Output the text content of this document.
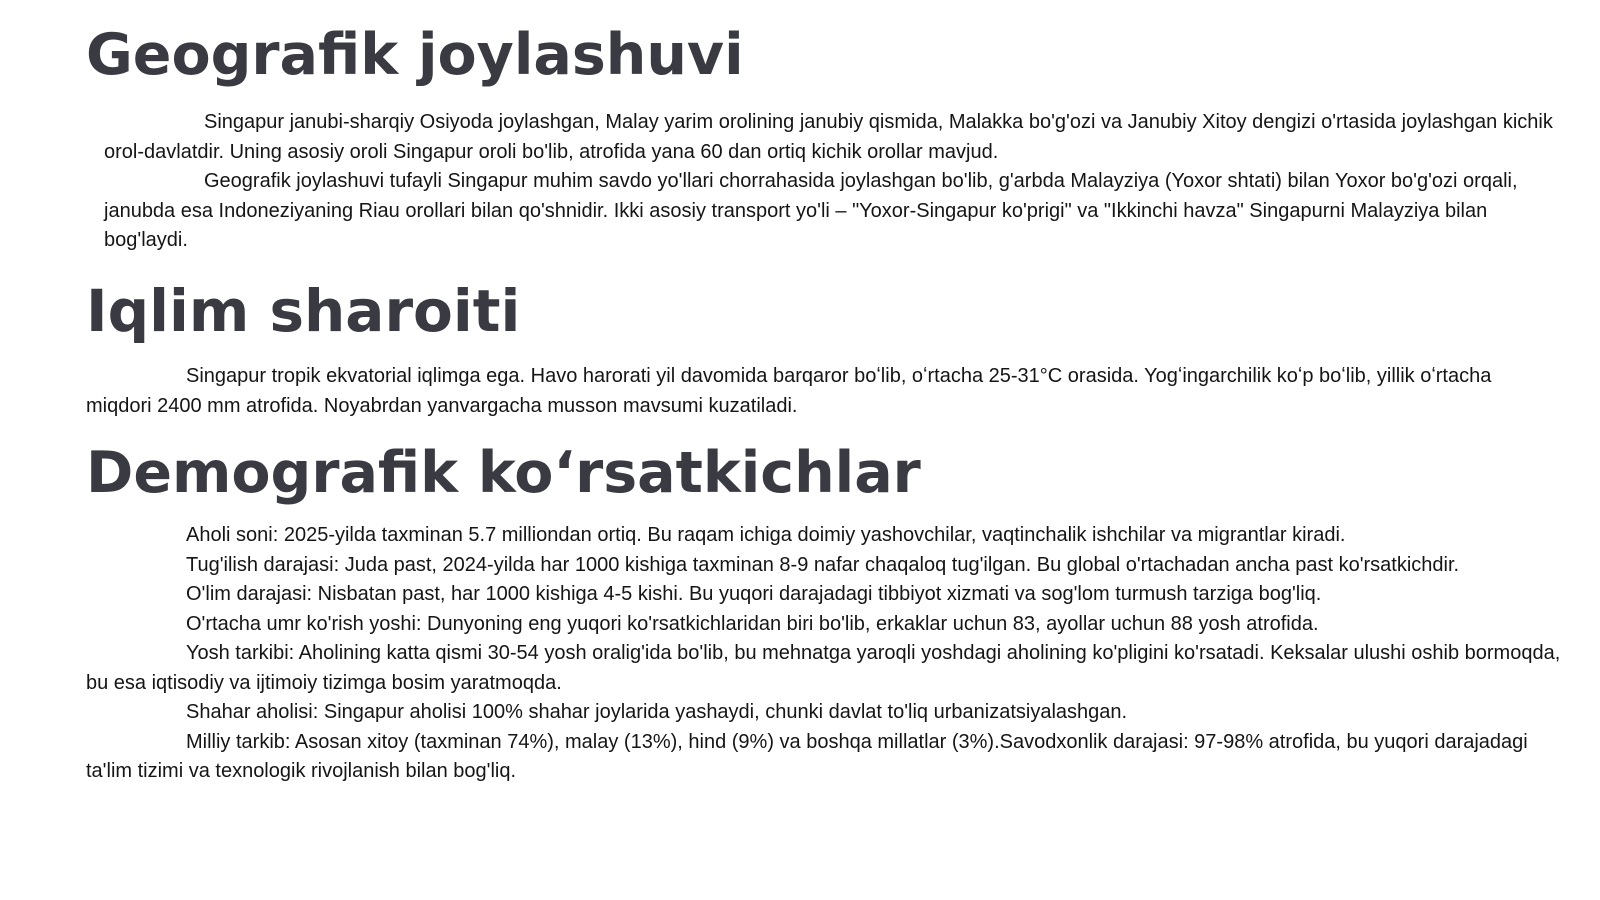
Geografik joylashuvi

Singapur janubi-sharqiy Osiyoda joylashgan, Malay yarim orolining janubiy qismida, Malakka bo'g'ozi va Janubiy Xitoy dengizi o'rtasida joylashgan kichik orol-davlatdir. Uning asosiy oroli Singapur oroli bo'lib, atrofida yana 60 dan ortiq kichik orollar mavjud.

Geografik joylashuvi tufayli Singapur muhim savdo yo'llari chorrahasida joylashgan bo'lib, g'arbda Malayziya (Yoxor shtati) bilan Yoxor bo'g'ozi orqali, janubda esa Indoneziyaning Riau orollari bilan qo'shnidir. Ikki asosiy transport yo'li – "Yoxor-Singapur ko'prigi" va "Ikkinchi havza" Singapurni Malayziya bilan bog'laydi.

Iqlim sharoiti

Singapur tropik ekvatorial iqlimga ega. Havo harorati yil davomida barqaror boʻlib, oʻrtacha 25-31°C orasida. Yogʻingarchilik koʻp boʻlib, yillik oʻrtacha miqdori 2400 mm atrofida. Noyabrdan yanvargacha musson mavsumi kuzatiladi.

Demografik koʻrsatkichlar

Aholi soni: 2025-yilda taxminan 5.7 milliondan ortiq. Bu raqam ichiga doimiy yashovchilar, vaqtinchalik ishchilar va migrantlar kiradi.

Tug'ilish darajasi: Juda past, 2024-yilda har 1000 kishiga taxminan 8-9 nafar chaqaloq tug'ilgan. Bu global o'rtachadan ancha past ko'rsatkichdir.

O'lim darajasi: Nisbatan past, har 1000 kishiga 4-5 kishi. Bu yuqori darajadagi tibbiyot xizmati va sog'lom turmush tarziga bog'liq.

O'rtacha umr ko'rish yoshi: Dunyoning eng yuqori ko'rsatkichlaridan biri bo'lib, erkaklar uchun 83, ayollar uchun 88 yosh atrofida.

Yosh tarkibi: Aholining katta qismi 30-54 yosh oralig'ida bo'lib, bu mehnatga yaroqli yoshdagi aholining ko'pligini ko'rsatadi. Keksalar ulushi oshib bormoqda, bu esa iqtisodiy va ijtimoiy tizimga bosim yaratmoqda.

Shahar aholisi: Singapur aholisi 100% shahar joylarida yashaydi, chunki davlat to'liq urbanizatsiyalashgan.

Milliy tarkib: Asosan xitoy (taxminan 74%), malay (13%), hind (9%) va boshqa millatlar (3%).Savodxonlik darajasi: 97-98% atrofida, bu yuqori darajadagi ta'lim tizimi va texnologik rivojlanish bilan bog'liq.
